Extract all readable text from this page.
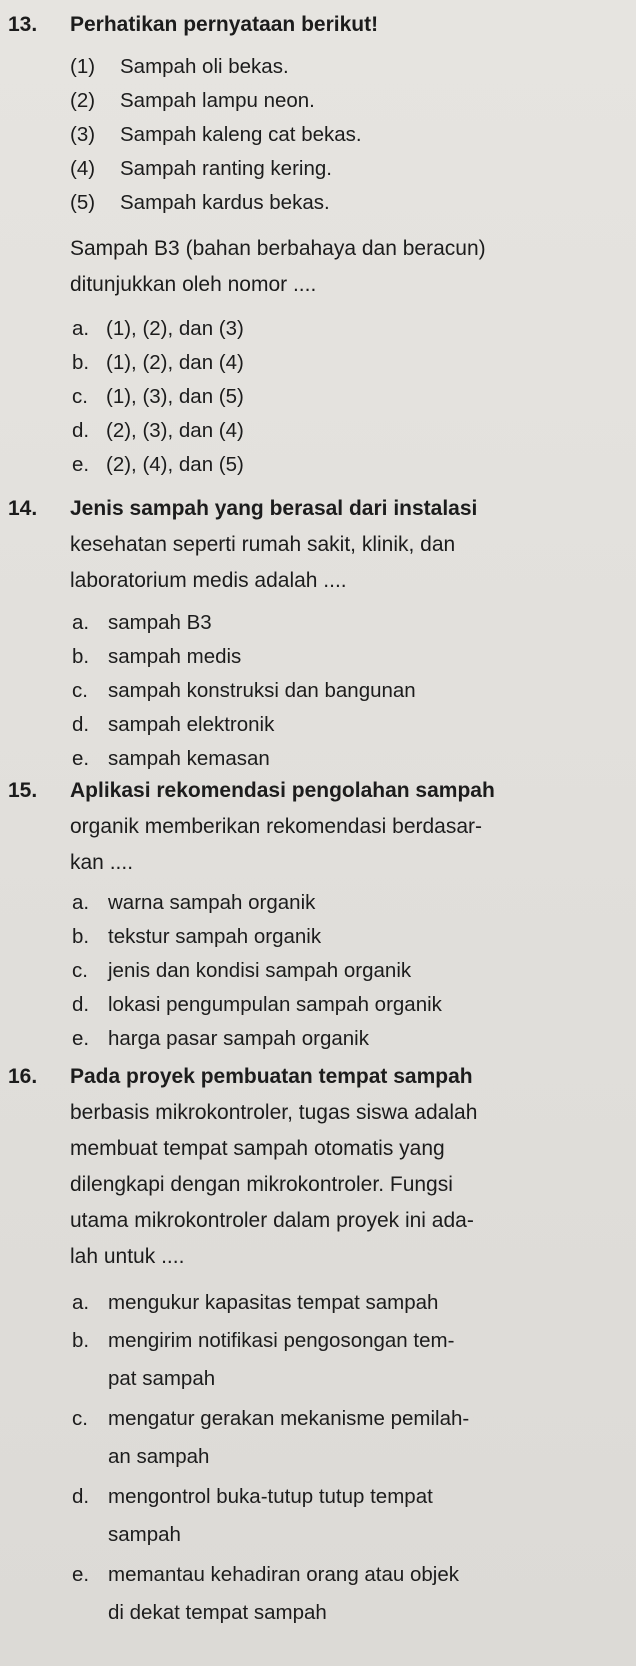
13. Perhatikan pernyataan berikut!
(1) Sampah oli bekas.
(2) Sampah lampu neon.
(3) Sampah kaleng cat bekas.
(4) Sampah ranting kering.
(5) Sampah kardus bekas.
Sampah B3 (bahan berbahaya dan beracun)
ditunjukkan oleh nomor ....
a. (1), (2), dan (3)
b. (1), (2), dan (4)
c. (1), (3), dan (5)
d. (2), (3), dan (4)
e. (2), (4), dan (5)
14. Jenis sampah yang berasal dari instalasi
kesehatan seperti rumah sakit, klinik, dan
laboratorium medis adalah ....
a. sampah B3
b. sampah medis
c. sampah konstruksi dan bangunan
d. sampah elektronik
e. sampah kemasan
15. Aplikasi rekomendasi pengolahan sampah
organik memberikan rekomendasi berdasar-
kan ....
a. warna sampah organik
b. tekstur sampah organik
c. jenis dan kondisi sampah organik
d. lokasi pengumpulan sampah organik
e. harga pasar sampah organik
16. Pada proyek pembuatan tempat sampah
berbasis mikrokontroler, tugas siswa adalah
membuat tempat sampah otomatis yang
dilengkapi dengan mikrokontroler. Fungsi
utama mikrokontroler dalam proyek ini ada-
lah untuk ....
a. mengukur kapasitas tempat sampah
b. mengirim notifikasi pengosongan tem-
pat sampah
c. mengatur gerakan mekanisme pemilah-
an sampah
d. mengontrol buka-tutup tutup tempat
sampah
e. memantau kehadiran orang atau objek
di dekat tempat sampah
